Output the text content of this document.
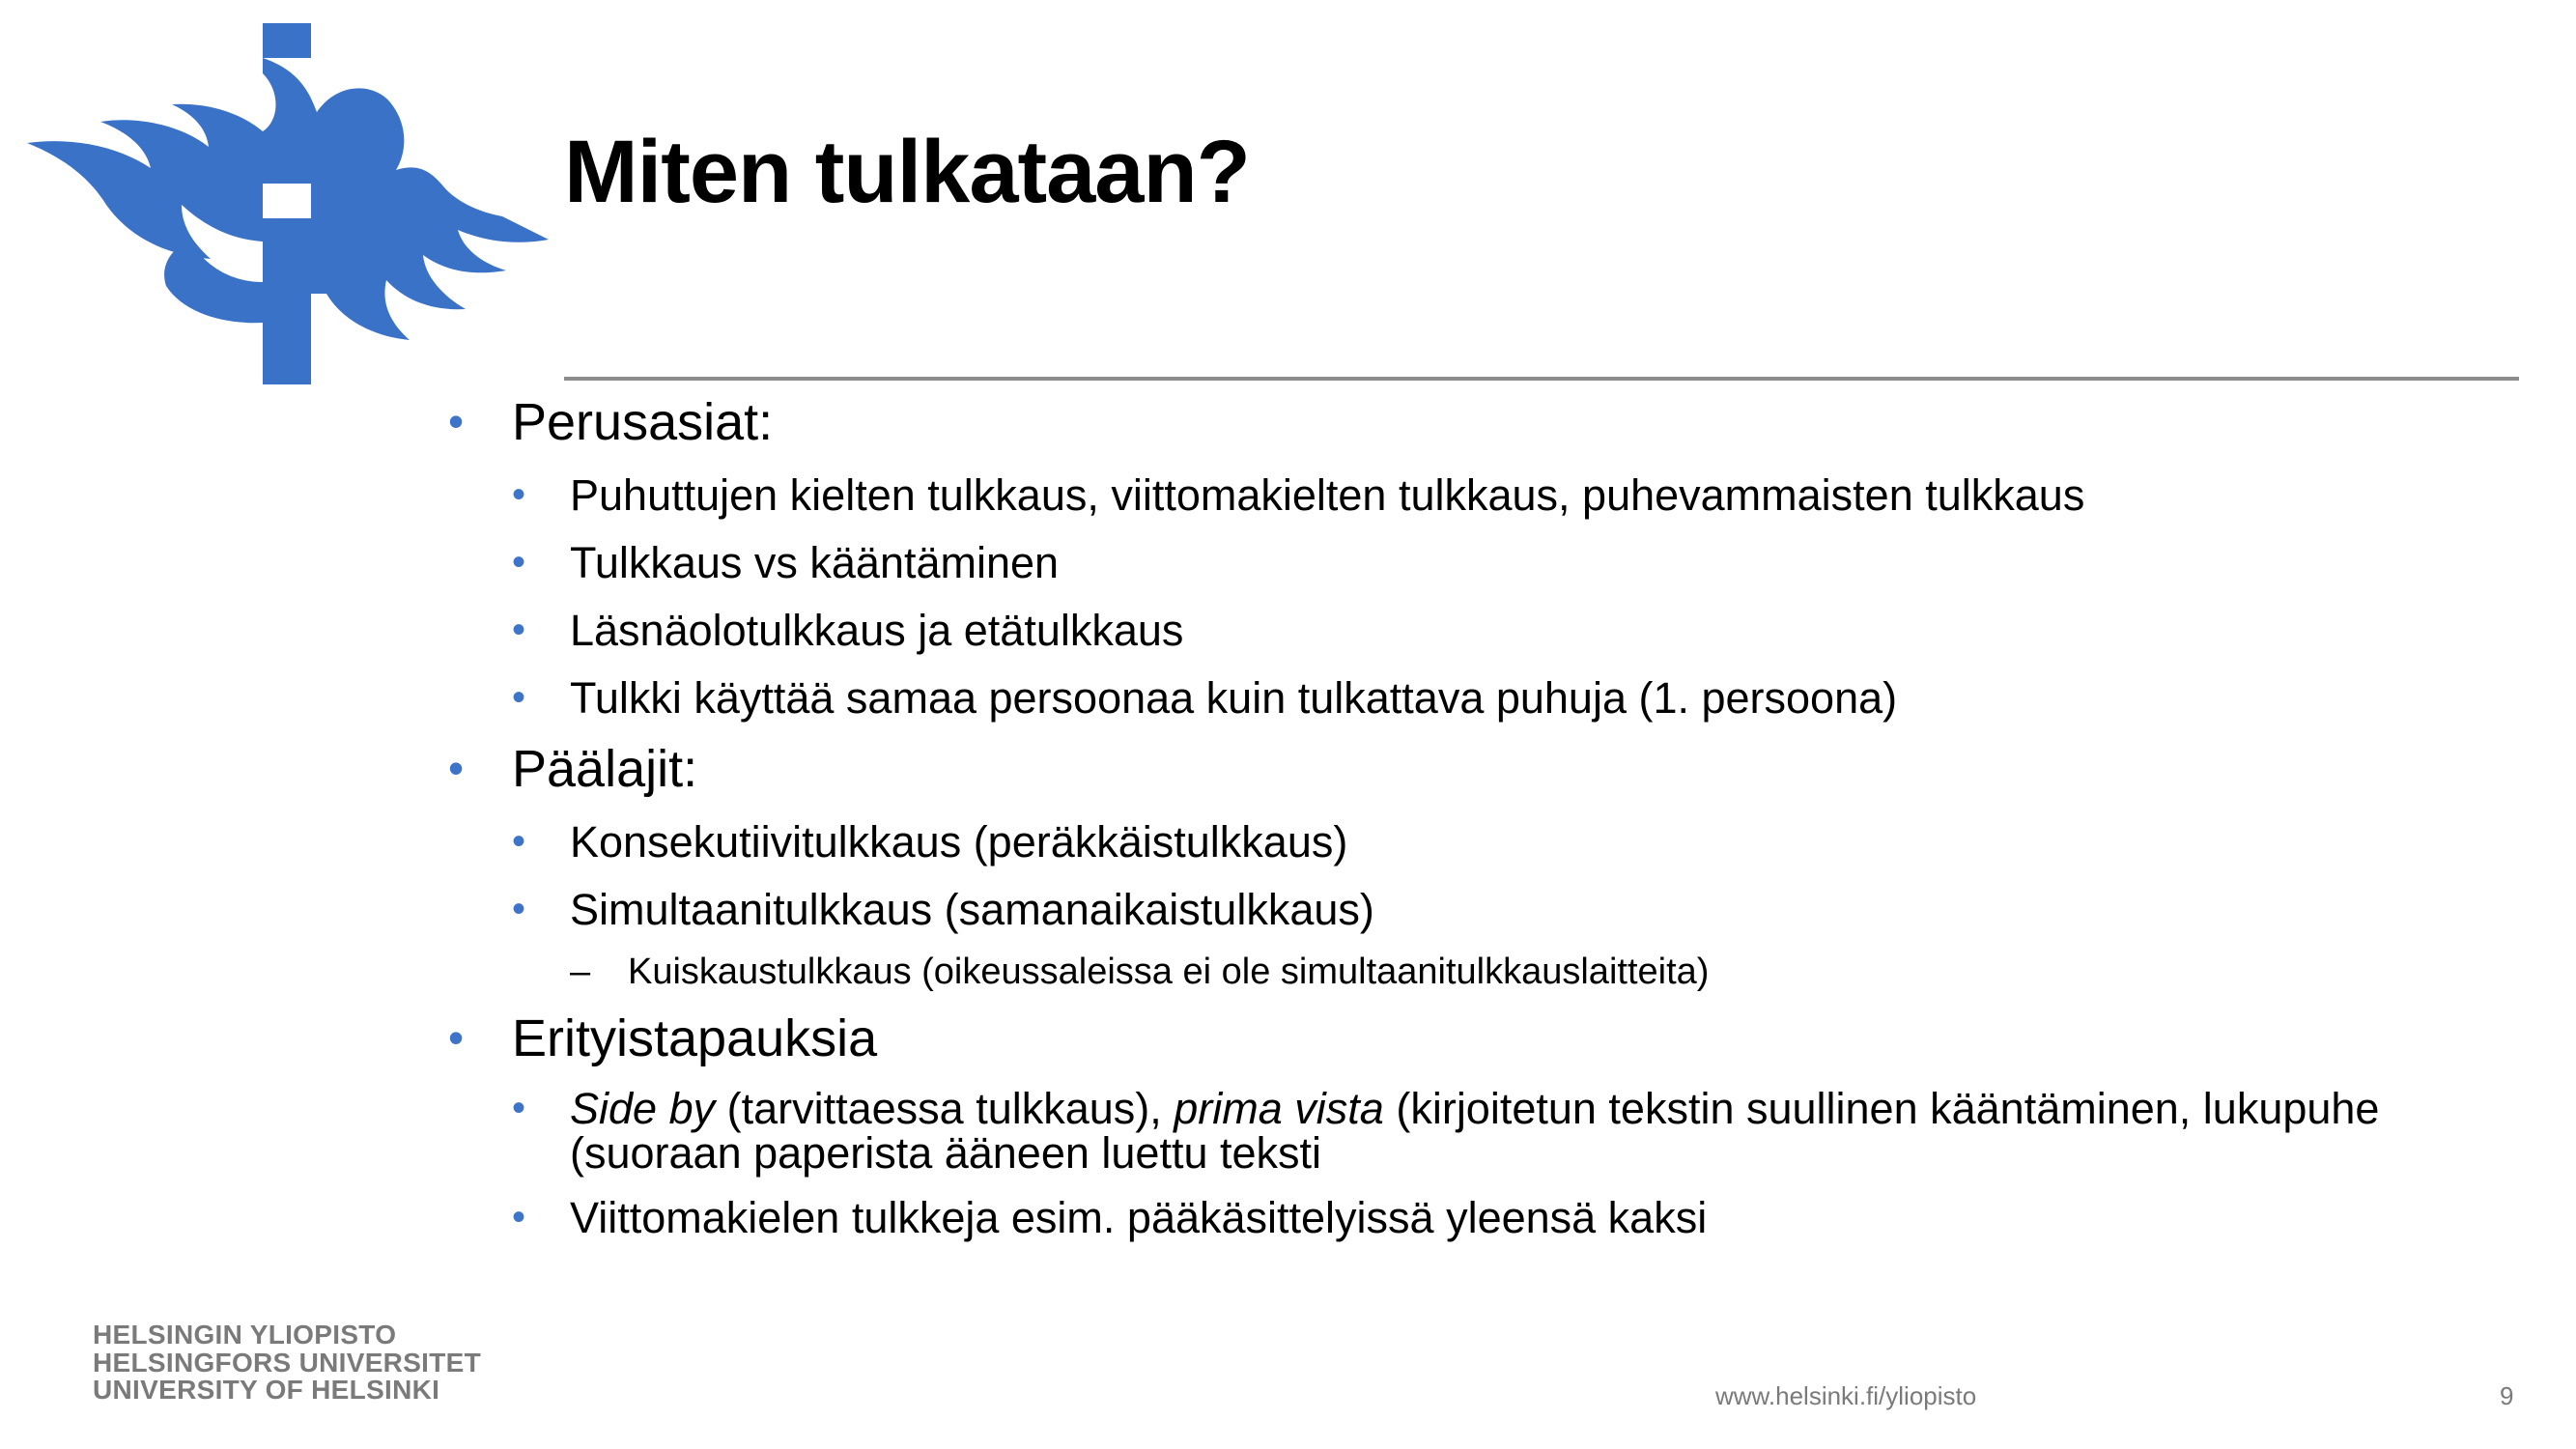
Miten tulkataan?
• Perusasiat:
• Puhuttujen kielten tulkkaus, viittomakielten tulkkaus, puhevammaisten tulkkaus
• Tulkkaus vs kääntäminen
• Läsnäolotulkkaus ja etätulkkaus
• Tulkki käyttää samaa persoonaa kuin tulkattava puhuja (1. persoona)
• Päälajit:
• Konsekutiivitulkkaus (peräkkäistulkkaus)
• Simultaanitulkkaus (samanaikaistulkkaus)
– Kuiskaustulkkaus (oikeussaleissa ei ole simultaanitulkkauslaitteita)
• Erityistapauksia
• Side by (tarvittaessa tulkkaus), prima vista (kirjoitetun tekstin suullinen kääntäminen, lukupuhe (suoraan paperista ääneen luettu teksti
• Viittomakielen tulkkeja esim. pääkäsittelyissä yleensä kaksi
HELSINGIN YLIOPISTO
HELSINGFORS UNIVERSITET
UNIVERSITY OF HELSINKI	www.helsinki.fi/yliopisto	9
